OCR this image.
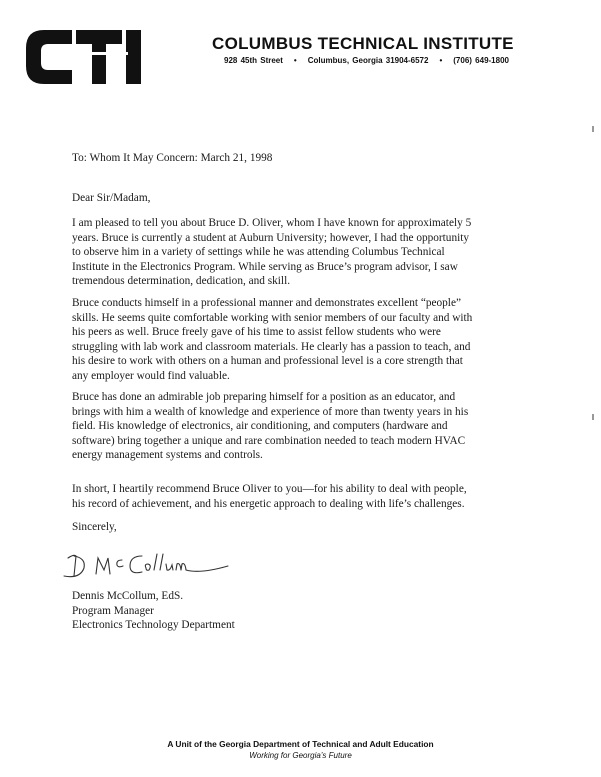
COLUMBUS TECHNICAL INSTITUTE
928 45th Street • Columbus, Georgia 31904-6572 • (706) 649-1800
To: Whom It May Concern: March 21, 1998
Dear Sir/Madam,
I am pleased to tell you about Bruce D. Oliver, whom I have known for approximately 5
years. Bruce is currently a student at Auburn University; however, I had the opportunity
to observe him in a variety of settings while he was attending Columbus Technical
Institute in the Electronics Program. While serving as Bruce’s program advisor, I saw
tremendous determination, dedication, and skill.
Bruce conducts himself in a professional manner and demonstrates excellent “people”
skills. He seems quite comfortable working with senior members of our faculty and with
his peers as well. Bruce freely gave of his time to assist fellow students who were
struggling with lab work and classroom materials. He clearly has a passion to teach, and
his desire to work with others on a human and professional level is a core strength that
any employer would find valuable.
Bruce has done an admirable job preparing himself for a position as an educator, and
brings with him a wealth of knowledge and experience of more than twenty years in his
field. His knowledge of electronics, air conditioning, and computers (hardware and
software) bring together a unique and rare combination needed to teach modern HVAC
energy management systems and controls.
In short, I heartily recommend Bruce Oliver to you—for his ability to deal with people,
his record of achievement, and his energetic approach to dealing with life’s challenges.
Sincerely,
Dennis McCollum, EdS.
Program Manager
Electronics Technology Department
A Unit of the Georgia Department of Technical and Adult Education
Working for Georgia’s Future
